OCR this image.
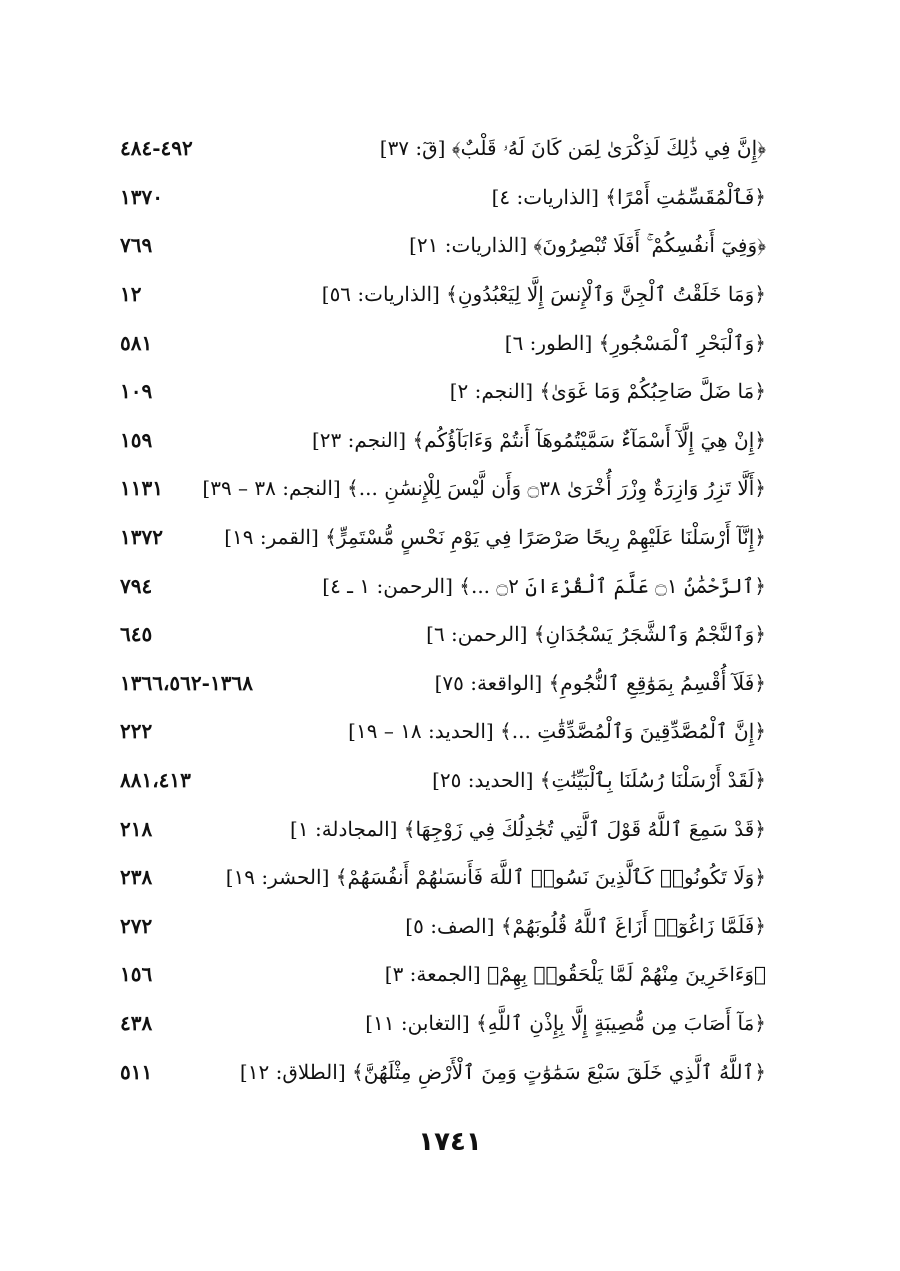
﴿إِنَّ فِي ذَٰلِكَ لَذِكْرَىٰ لِمَن كَانَ لَهُۥ قَلْبٌ﴾ [قٓ: ٣٧]
٤٩٢-٤٨٤
﴿فَٱلْمُقَسِّمَٰتِ أَمْرًا﴾ [الذاريات: ٤]
١٣٧٠
﴿وَفِيٓ أَنفُسِكُمْ ۚ أَفَلَا تُبْصِرُونَ﴾ [الذاريات: ٢١]
٧٦٩
﴿وَمَا خَلَقْتُ ٱلْجِنَّ وَٱلْإِنسَ إِلَّا لِيَعْبُدُونِ﴾ [الذاريات: ٥٦]
١٢
﴿وَٱلْبَحْرِ ٱلْمَسْجُورِ﴾ [الطور: ٦]
٥٨١
﴿مَا ضَلَّ صَاحِبُكُمْ وَمَا غَوَىٰ﴾ [النجم: ٢]
١٠٩
﴿إِنْ هِيَ إِلَّآ أَسْمَآءٌ سَمَّيْتُمُوهَآ أَنتُمْ وَءَابَآؤُكُم﴾ [النجم: ٢٣]
١٥٩
﴿أَلَّا تَزِرُ وَازِرَةٌ وِزْرَ أُخْرَىٰ ۝٣٨ وَأَن لَّيْسَ لِلْإِنسَٰنِ ...﴾ [النجم: ٣٨ – ٣٩]
١١٣١
﴿إِنَّآ أَرْسَلْنَا عَلَيْهِمْ رِيحًا صَرْصَرًا فِي يَوْمِ نَحْسٍ مُّسْتَمِرٍّ﴾ [القمر: ١٩]
١٣٧٢
﴿ٱلرَّحْمَٰنُ ۝١ عَلَّمَ ٱلْقُرْءَانَ ۝٢ ...﴾ [الرحمن: ١ ـ ٤]
٧٩٤
﴿وَٱلنَّجْمُ وَٱلشَّجَرُ يَسْجُدَانِ﴾ [الرحمن: ٦]
٦٤٥
﴿فَلَآ أُقْسِمُ بِمَوَٰقِعِ ٱلنُّجُومِ﴾ [الواقعة: ٧٥]
١٣٦٨-١٣٦٦،٥٦٢
﴿إِنَّ ٱلْمُصَّدِّقِينَ وَٱلْمُصَّدِّقَٰتِ ...﴾ [الحديد: ١٨ – ١٩]
٢٢٢
﴿لَقَدْ أَرْسَلْنَا رُسُلَنَا بِٱلْبَيِّنَٰتِ﴾ [الحديد: ٢٥]
٨٨١،٤١٣
﴿قَدْ سَمِعَ ٱللَّهُ قَوْلَ ٱلَّتِي تُجَٰدِلُكَ فِي زَوْجِهَا﴾ [المجادلة: ١]
٢١٨
﴿وَلَا تَكُونُوا۟ كَٱلَّذِينَ نَسُوا۟ ٱللَّهَ فَأَنسَىٰهُمْ أَنفُسَهُمْ﴾ [الحشر: ١٩]
٢٣٨
﴿فَلَمَّا زَاغُوٓا۟ أَزَاغَ ٱللَّهُ قُلُوبَهُمْ﴾ [الصف: ٥]
٢٧٢
﴿وَءَاخَرِينَ مِنْهُمْ لَمَّا يَلْحَقُوا۟ بِهِمْ﴾ [الجمعة: ٣]
١٥٦
﴿مَآ أَصَابَ مِن مُّصِيبَةٍ إِلَّا بِإِذْنِ ٱللَّهِ﴾ [التغابن: ١١]
٤٣٨
﴿ٱللَّهُ ٱلَّذِي خَلَقَ سَبْعَ سَمَٰوَٰتٍ وَمِنَ ٱلْأَرْضِ مِثْلَهُنَّ﴾ [الطلاق: ١٢]
٥١١
١٧٤١
